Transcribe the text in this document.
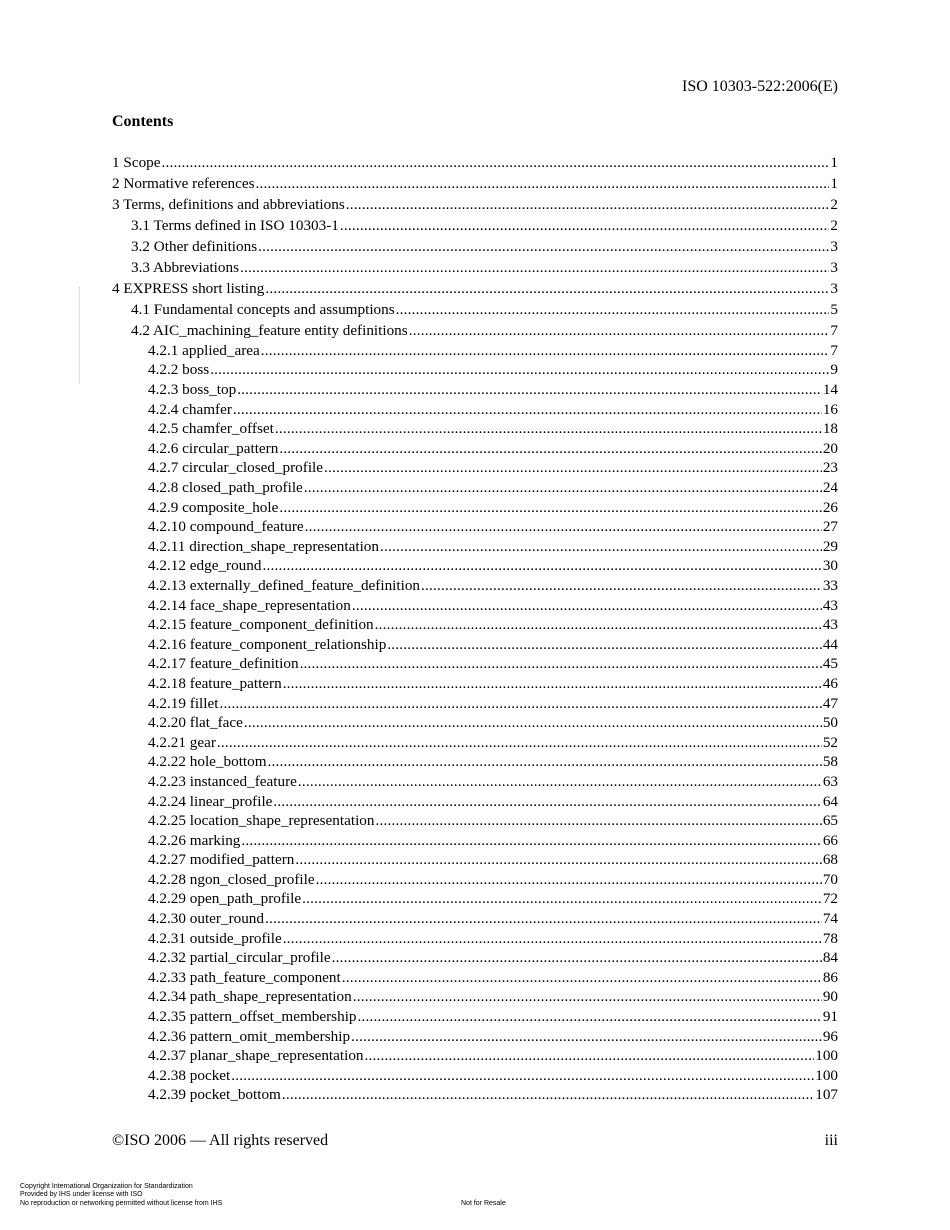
ISO 10303-522:2006(E)
Contents
1 Scope .....	1
2 Normative references .....	1
3 Terms, definitions and abbreviations .....	2
3.1 Terms defined in ISO 10303-1 .....	2
3.2 Other definitions .....	3
3.3 Abbreviations .....	3
4 EXPRESS short listing .....	3
4.1 Fundamental concepts and assumptions .....	5
4.2 AIC_machining_feature entity definitions .....	7
4.2.1 applied_area .....	7
4.2.2 boss .....	9
4.2.3 boss_top .....	14
4.2.4 chamfer .....	16
4.2.5 chamfer_offset .....	18
4.2.6 circular_pattern .....	20
4.2.7 circular_closed_profile .....	23
4.2.8 closed_path_profile .....	24
4.2.9 composite_hole .....	26
4.2.10 compound_feature .....	27
4.2.11 direction_shape_representation .....	29
4.2.12 edge_round .....	30
4.2.13 externally_defined_feature_definition .....	33
4.2.14 face_shape_representation .....	43
4.2.15 feature_component_definition .....	43
4.2.16 feature_component_relationship .....	44
4.2.17 feature_definition .....	45
4.2.18 feature_pattern .....	46
4.2.19 fillet .....	47
4.2.20 flat_face .....	50
4.2.21 gear .....	52
4.2.22 hole_bottom .....	58
4.2.23 instanced_feature .....	63
4.2.24 linear_profile .....	64
4.2.25 location_shape_representation .....	65
4.2.26 marking .....	66
4.2.27 modified_pattern .....	68
4.2.28 ngon_closed_profile .....	70
4.2.29 open_path_profile .....	72
4.2.30 outer_round .....	74
4.2.31 outside_profile .....	78
4.2.32 partial_circular_profile .....	84
4.2.33 path_feature_component .....	86
4.2.34 path_shape_representation .....	90
4.2.35 pattern_offset_membership .....	91
4.2.36 pattern_omit_membership .....	96
4.2.37 planar_shape_representation .....	100
4.2.38 pocket .....	100
4.2.39 pocket_bottom .....	107
©ISO 2006 — All rights reserved	iii
Copyright International Organization for Standardization
Provided by IHS under license with ISO
No reproduction or networking permitted without license from IHS	Not for Resale
